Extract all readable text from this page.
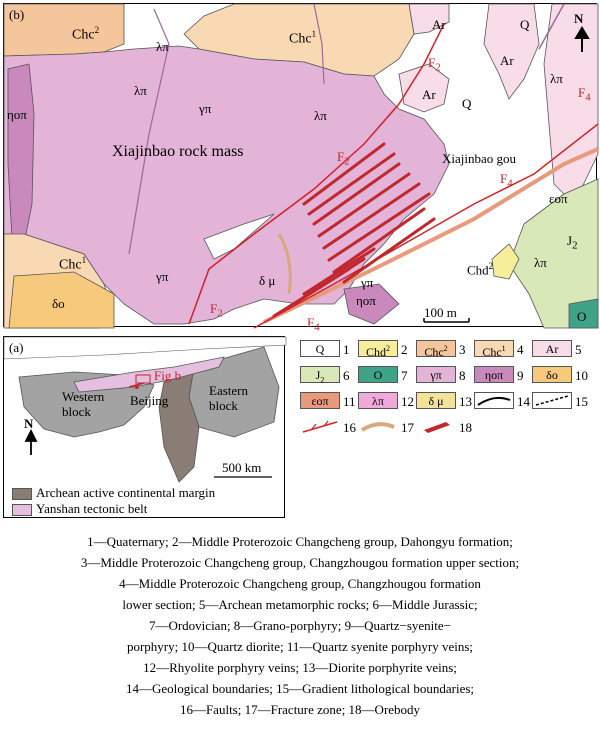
(b)	N
100 m
Chc$^2$
Chc$^1$
λπ
λπ
λπ
λπ
γπ
γπ	γπ
Ar
Ar
Ar
Q
Q
ηοπ
ηοπ
Xiajinbao rock mass	Xiajinbao gou
$F_2$
$F_2$
$F_2$
$F_4$
$F_4$
$F_4$
εοπ
$J_2$
λπ
Chc$^1$
δο
δ μ
Chd$^2$
O
(a)
Western
block
Beijing
Eastern
block
Fig.b
N
500 km
Archean active continental margin
Yanshan tectonic belt
Q	1	Chd$^2$ 2	Chc$^2$ 3	Chc$^1$ 4	Ar	5
$J_2$	6	O	7	γπ	8	ηοπ	9	δο	10
εοπ	11	λπ	12	δ μ	13	14	15
16	17	18
1—Quaternary; 2—Middle Proterozoic Changcheng group, Dahongyu formation;
3—Middle Proterozoic Changcheng group, Changzhougou formation upper section;
4—Middle Proterozoic Changcheng group, Changzhougou formation
lower section; 5—Archean metamorphic rocks; 6—Middle Jurassic;
7—Ordovician; 8—Grano-porphyry; 9—Quartz−syenite−
porphyry; 10—Quartz diorite; 11—Quartz syenite porphyry veins;
12—Rhyolite porphyry veins; 13—Diorite porphyrite veins;
14—Geological boundaries; 15—Gradient lithological boundaries;
16—Faults; 17—Fracture zone; 18—Orebody
